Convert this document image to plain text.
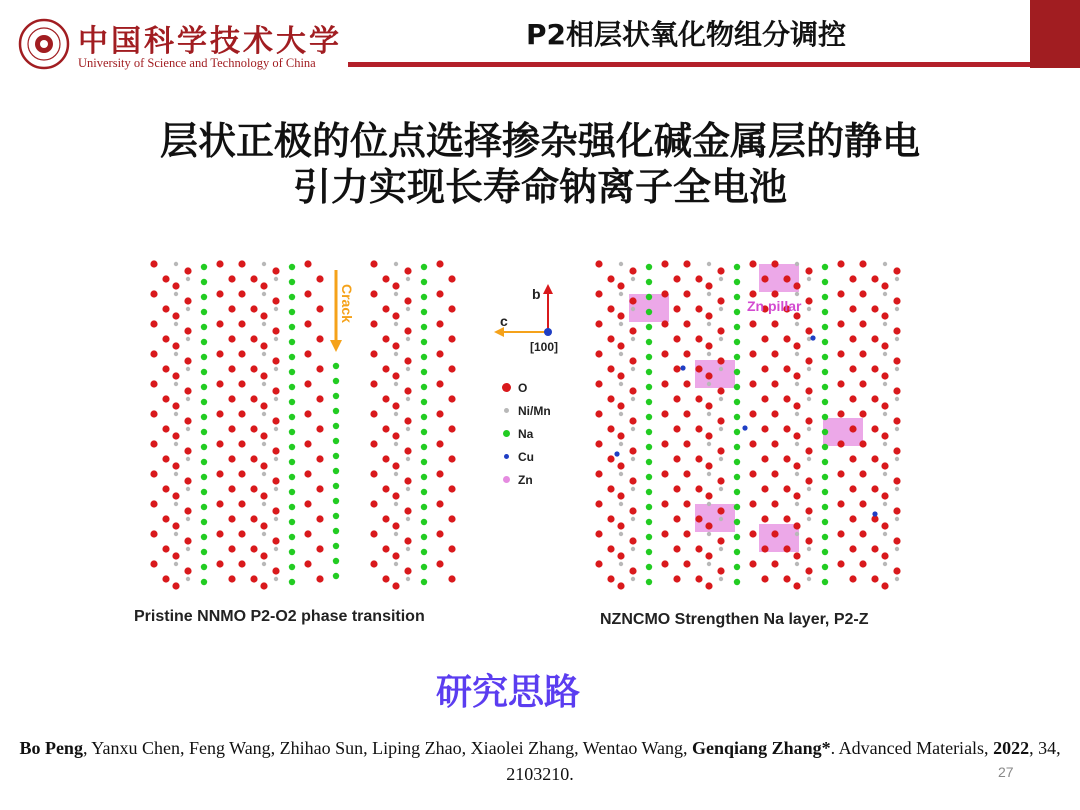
中国科学技术大学
University of Science and Technology of China
P2相层状氧化物组分调控
层状正极的位点选择掺杂强化碱金属层的静电
引力实现长寿命钠离子全电池
Crack
Pristine NNMO P2-O2 phase transition
b
c
[100]
O
Ni/Mn
Na
Cu
Zn
Zn pillar
NZNCMO Strengthen Na layer, P2-Z
研究思路
Bo Peng, Yanxu Chen, Feng Wang, Zhihao Sun, Liping Zhao, Xiaolei Zhang, Wentao Wang, Genqiang Zhang*. Advanced Materials, 2022, 34, 2103210.	27
